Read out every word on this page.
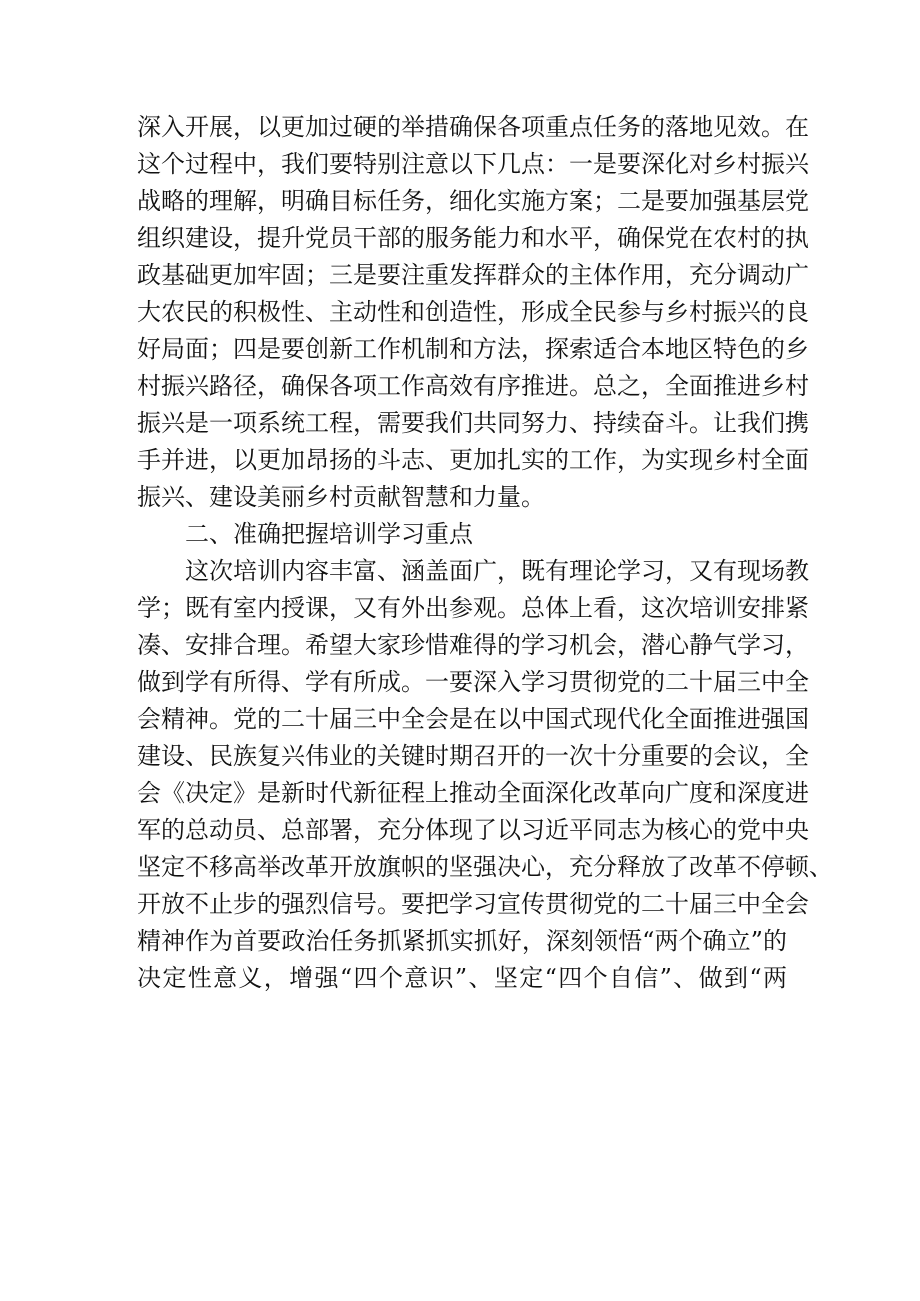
深入开展，以更加过硬的举措确保各项重点任务的落地见效。在
这个过程中，我们要特别注意以下几点：一是要深化对乡村振兴
战略的理解，明确目标任务，细化实施方案；二是要加强基层党
组织建设，提升党员干部的服务能力和水平，确保党在农村的执
政基础更加牢固；三是要注重发挥群众的主体作用，充分调动广
大农民的积极性、主动性和创造性，形成全民参与乡村振兴的良
好局面；四是要创新工作机制和方法，探索适合本地区特色的乡
村振兴路径，确保各项工作高效有序推进。总之，全面推进乡村
振兴是一项系统工程，需要我们共同努力、持续奋斗。让我们携
手并进，以更加昂扬的斗志、更加扎实的工作，为实现乡村全面
振兴、建设美丽乡村贡献智慧和力量。
二、准确把握培训学习重点
这次培训内容丰富、涵盖面广，既有理论学习，又有现场教
学；既有室内授课，又有外出参观。总体上看，这次培训安排紧
凑、安排合理。希望大家珍惜难得的学习机会，潜心静气学习，
做到学有所得、学有所成。一要深入学习贯彻党的二十届三中全
会精神。党的二十届三中全会是在以中国式现代化全面推进强国
建设、民族复兴伟业的关键时期召开的一次十分重要的会议，全
会《决定》是新时代新征程上推动全面深化改革向广度和深度进
军的总动员、总部署，充分体现了以习近平同志为核心的党中央
坚定不移高举改革开放旗帜的坚强决心，充分释放了改革不停顿、
开放不止步的强烈信号。要把学习宣传贯彻党的二十届三中全会
精神作为首要政治任务抓紧抓实抓好，深刻领悟“两个确立”的
决定性意义，增强“四个意识”、坚定“四个自信”、做到“两
